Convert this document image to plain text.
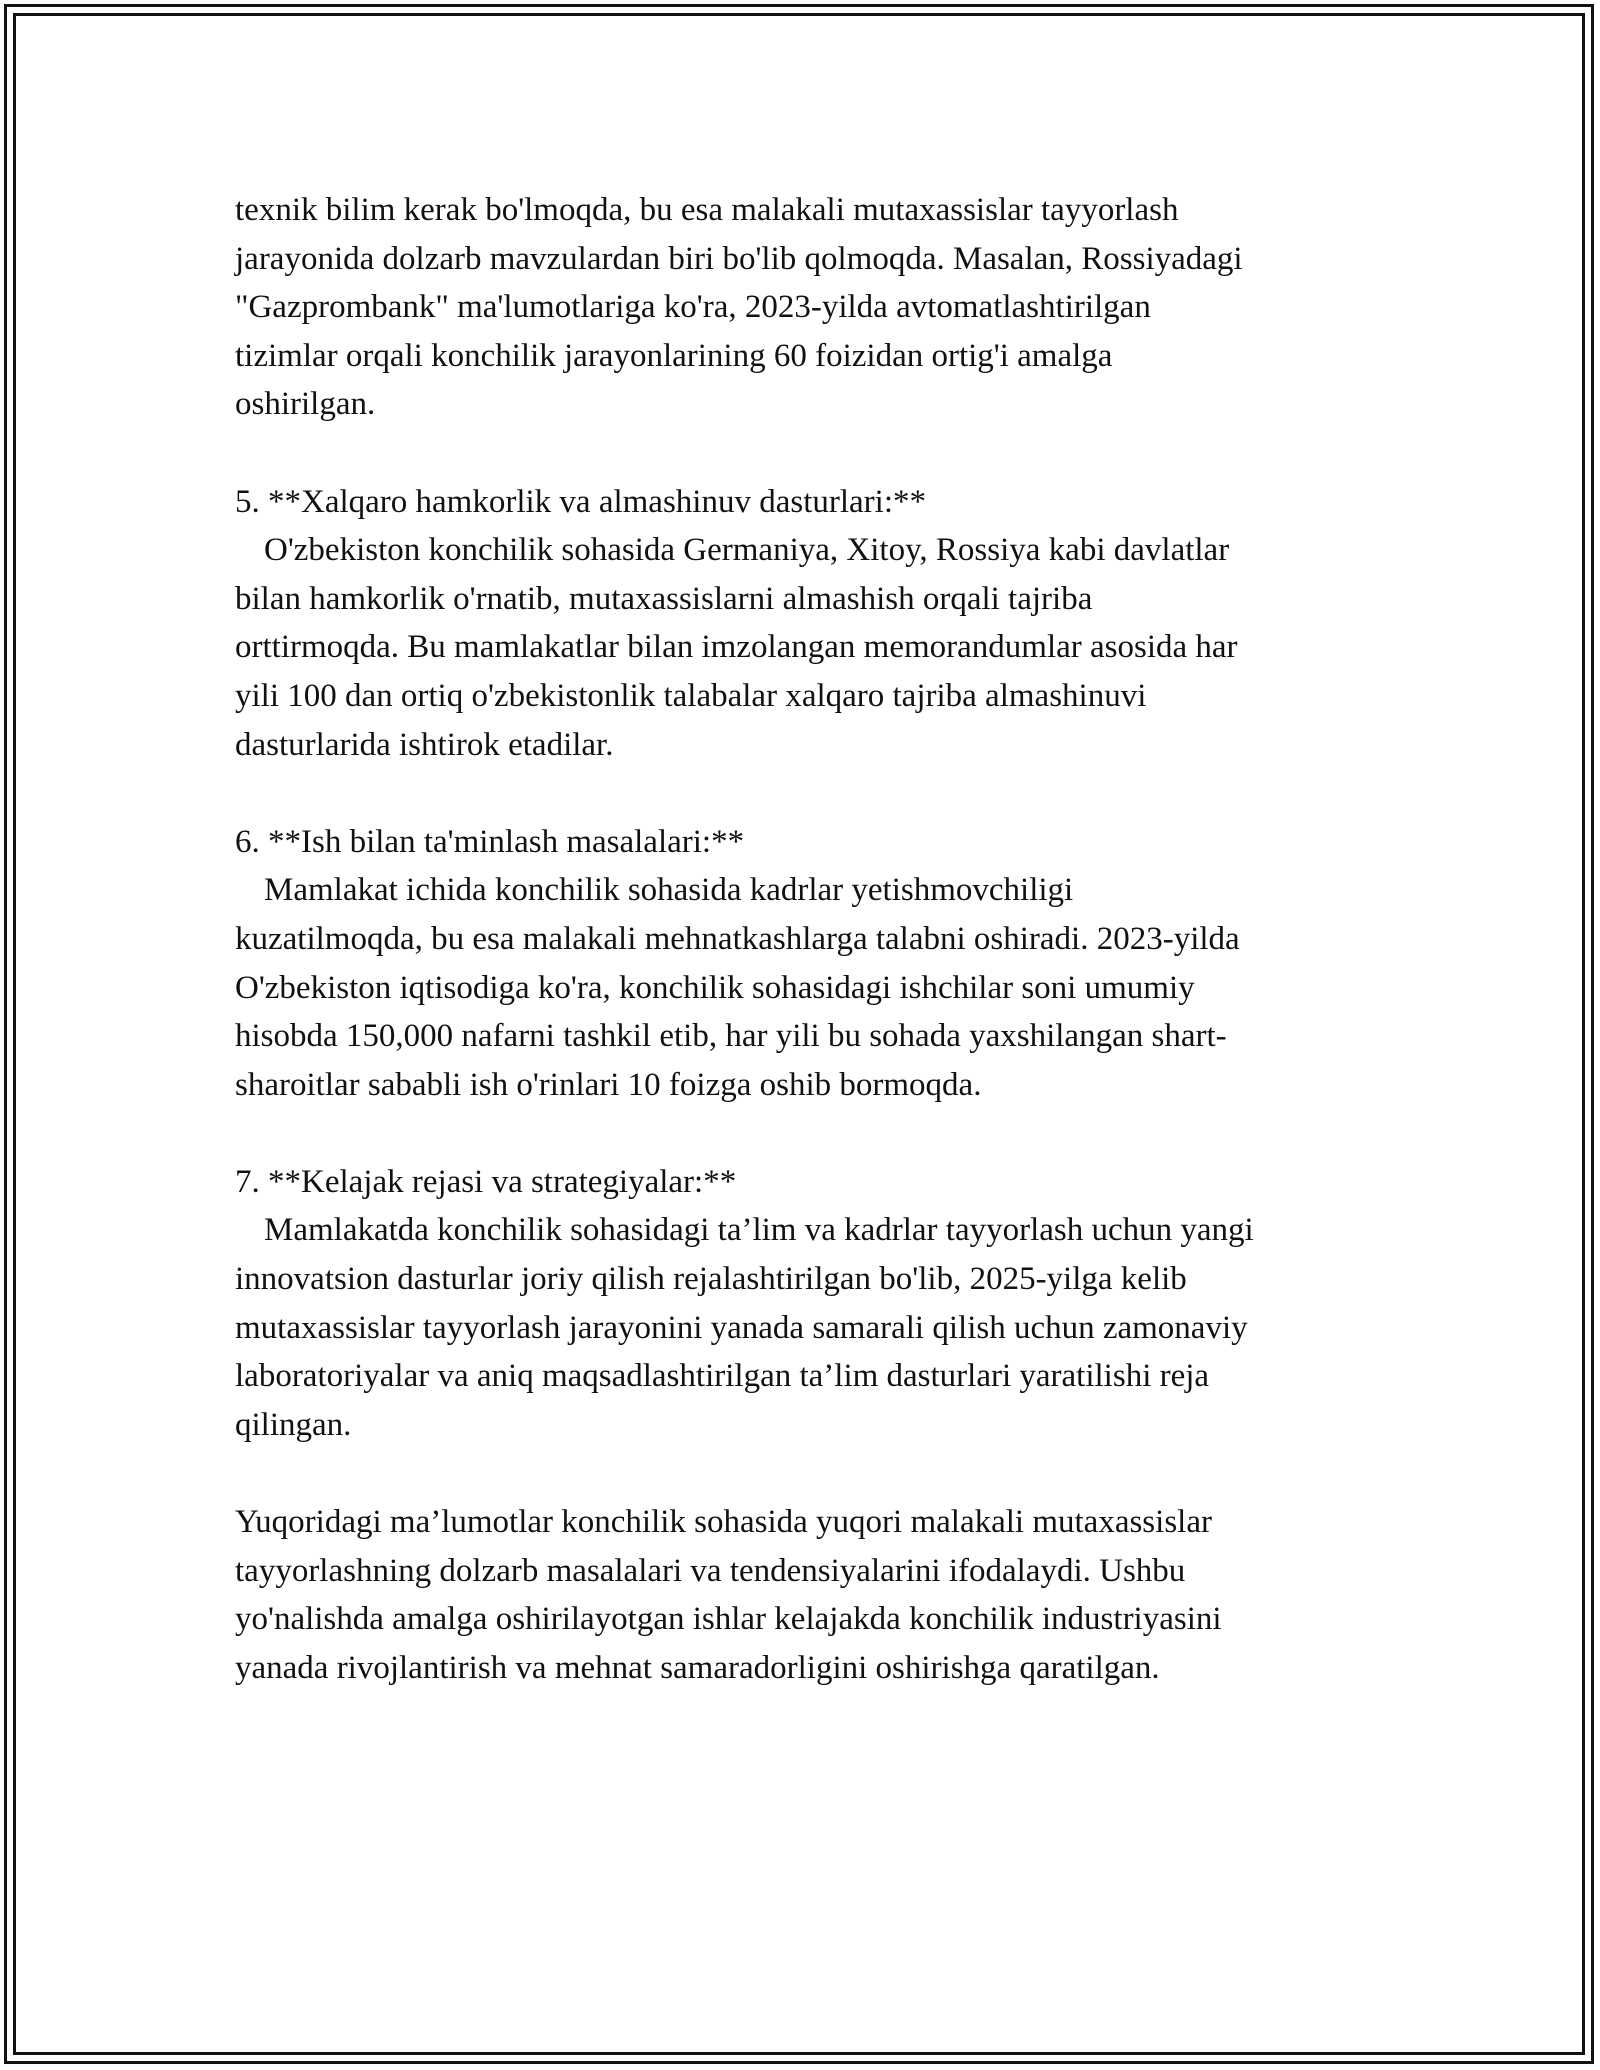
texnik bilim kerak bo'lmoqda, bu esa malakali mutaxassislar tayyorlash

jarayonida dolzarb mavzulardan biri bo'lib qolmoqda. Masalan, Rossiyadagi

"Gazprombank" ma'lumotlariga ko'ra, 2023-yilda avtomatlashtirilgan

tizimlar orqali konchilik jarayonlarining 60 foizidan ortig'i amalga

oshirilgan.

5. **Xalqaro hamkorlik va almashinuv dasturlari:**

O'zbekiston konchilik sohasida Germaniya, Xitoy, Rossiya kabi davlatlar

bilan hamkorlik o'rnatib, mutaxassislarni almashish orqali tajriba

orttirmoqda. Bu mamlakatlar bilan imzolangan memorandumlar asosida har

yili 100 dan ortiq o'zbekistonlik talabalar xalqaro tajriba almashinuvi

dasturlarida ishtirok etadilar.

6. **Ish bilan ta'minlash masalalari:**

Mamlakat ichida konchilik sohasida kadrlar yetishmovchiligi

kuzatilmoqda, bu esa malakali mehnatkashlarga talabni oshiradi. 2023-yilda

O'zbekiston iqtisodiga ko'ra, konchilik sohasidagi ishchilar soni umumiy

hisobda 150,000 nafarni tashkil etib, har yili bu sohada yaxshilangan shart-

sharoitlar sababli ish o'rinlari 10 foizga oshib bormoqda.

7. **Kelajak rejasi va strategiyalar:**

Mamlakatda konchilik sohasidagi ta’lim va kadrlar tayyorlash uchun yangi

innovatsion dasturlar joriy qilish rejalashtirilgan bo'lib, 2025-yilga kelib

mutaxassislar tayyorlash jarayonini yanada samarali qilish uchun zamonaviy

laboratoriyalar va aniq maqsadlashtirilgan ta’lim dasturlari yaratilishi reja

qilingan.

Yuqoridagi ma’lumotlar konchilik sohasida yuqori malakali mutaxassislar

tayyorlashning dolzarb masalalari va tendensiyalarini ifodalaydi. Ushbu

yo'nalishda amalga oshirilayotgan ishlar kelajakda konchilik industriyasini

yanada rivojlantirish va mehnat samaradorligini oshirishga qaratilgan.
